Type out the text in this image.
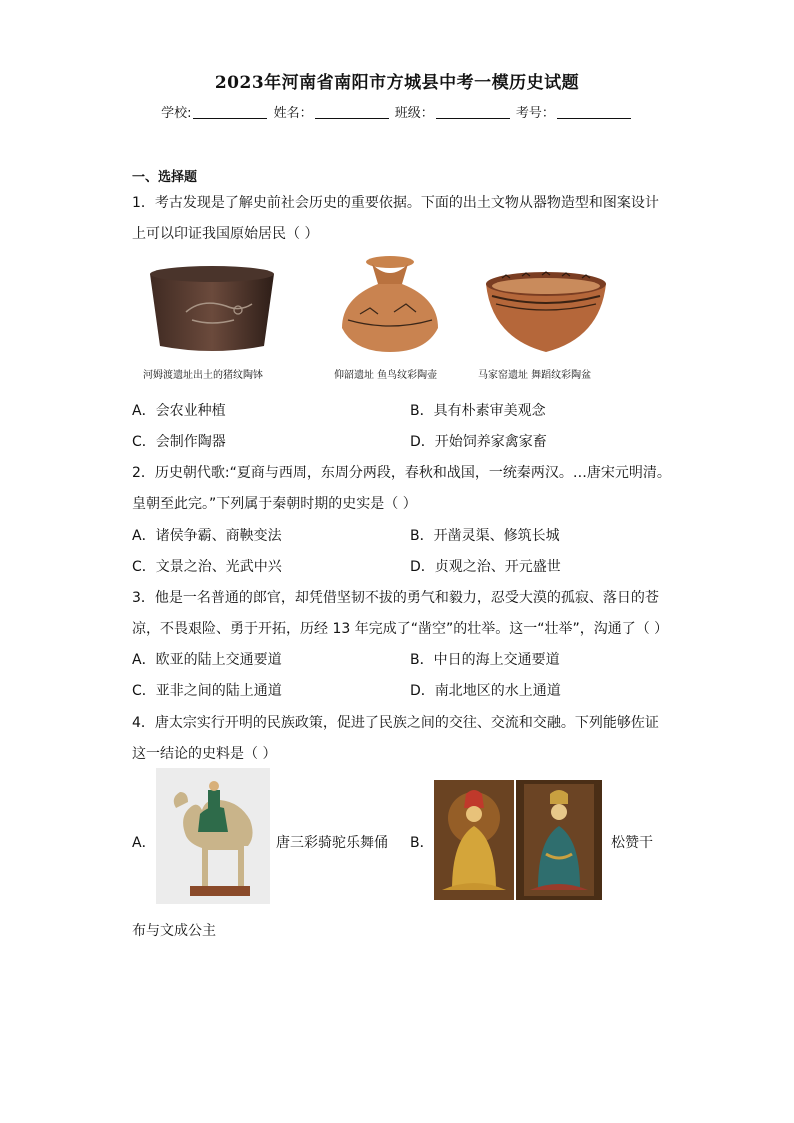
2023年河南省南阳市方城县中考一模历史试题
学校:	姓名：	班级：	考号：
一、选择题
1．考古发现是了解史前社会历史的重要依据。下面的出土文物从器物造型和图案设计
上可以印证我国原始居民（ ）
河姆渡遗址出土的猪纹陶钵	仰韶遗址 鱼鸟纹彩陶壶	马家窑遗址 舞蹈纹彩陶盆
A．会农业种植	B．具有朴素审美观念
C．会制作陶器	D．开始饲养家禽家畜
2．历史朝代歌:“夏商与西周，东周分两段，春秋和战国，一统秦两汉。…唐宋元明清。
皇朝至此完。”下列属于秦朝时期的史实是（ ）
A．诸侯争霸、商鞅变法	B．开凿灵渠、修筑长城
C．文景之治、光武中兴	D．贞观之治、开元盛世
3．他是一名普通的郎官，却凭借坚韧不拔的勇气和毅力，忍受大漠的孤寂、落日的苍
凉，不畏艰险、勇于开拓，历经 13 年完成了“凿空”的壮举。这一“壮举”，沟通了（ ）
A．欧亚的陆上交通要道	B．中日的海上交通要道
C．亚非之间的陆上通道	D．南北地区的水上通道
4．唐太宗实行开明的民族政策，促进了民族之间的交往、交流和交融。下列能够佐证
这一结论的史料是（ ）
A．	唐三彩骑驼乐舞俑 B．	松赞干
布与文成公主
